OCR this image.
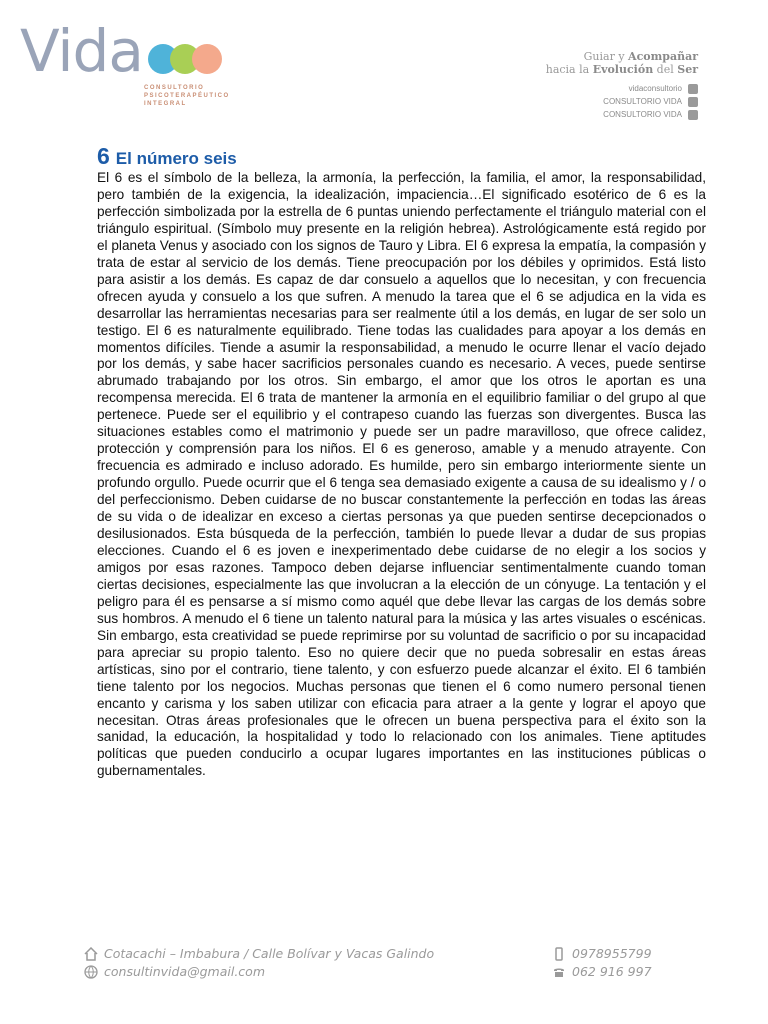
Vida
CONSULTORIO
PSICOTERAPÉUTICO
INTEGRAL
Guiar y Acompañar
hacia la Evolución del Ser
vidaconsultorio
CONSULTORIO VIDA
CONSULTORIO VIDA
6 El número seis
El 6 es el símbolo de la belleza, la armonía, la perfección, la familia, el amor, la responsabilidad, pero también de la exigencia, la idealización, impaciencia…El significado esotérico de 6 es la perfección simbolizada por la estrella de 6 puntas uniendo perfectamente el triángulo material con el triángulo espiritual. (Símbolo muy presente en la religión hebrea). Astrológicamente está regido por el planeta Venus y asociado con los signos de Tauro y Libra. El 6 expresa la empatía, la compasión y trata de estar al servicio de los demás. Tiene preocupación por los débiles y oprimidos. Está listo para asistir a los demás. Es capaz de dar consuelo a aquellos que lo necesitan, y con frecuencia ofrecen ayuda y consuelo a los que sufren. A menudo la tarea que el 6 se adjudica en la vida es desarrollar las herramientas necesarias para ser realmente útil a los demás, en lugar de ser solo un testigo. El 6 es naturalmente equilibrado. Tiene todas las cualidades para apoyar a los demás en momentos difíciles. Tiende a asumir la responsabilidad, a menudo le ocurre llenar el vacío dejado por los demás, y sabe hacer sacrificios personales cuando es necesario. A veces, puede sentirse abrumado trabajando por los otros. Sin embargo, el amor que los otros le aportan es una recompensa merecida. El 6 trata de mantener la armonía en el equilibrio familiar o del grupo al que pertenece. Puede ser el equilibrio y el contrapeso cuando las fuerzas son divergentes. Busca las situaciones estables como el matrimonio y puede ser un padre maravilloso, que ofrece calidez, protección y comprensión para los niños. El 6 es generoso, amable y a menudo atrayente. Con frecuencia es admirado e incluso adorado. Es humilde, pero sin embargo interiormente siente un profundo orgullo. Puede ocurrir que el 6 tenga sea demasiado exigente a causa de su idealismo y / o del perfeccionismo. Deben cuidarse de no buscar constantemente la perfección en todas las áreas de su vida o de idealizar en exceso a ciertas personas ya que pueden sentirse decepcionados o desilusionados. Esta búsqueda de la perfección, también lo puede llevar a dudar de sus propias elecciones. Cuando el 6 es joven e inexperimentado debe cuidarse de no elegir a los socios y amigos por esas razones. Tampoco deben dejarse influenciar sentimentalmente cuando toman ciertas decisiones, especialmente las que involucran a la elección de un cónyuge. La tentación y el peligro para él es pensarse a sí mismo como aquél que debe llevar las cargas de los demás sobre sus hombros. A menudo el 6 tiene un talento natural para la música y las artes visuales o escénicas. Sin embargo, esta creatividad se puede reprimirse por su voluntad de sacrificio o por su incapacidad para apreciar su propio talento. Eso no quiere decir que no pueda sobresalir en estas áreas artísticas, sino por el contrario, tiene talento, y con esfuerzo puede alcanzar el éxito. El 6 también tiene talento por los negocios. Muchas personas que tienen el 6 como numero personal tienen encanto y carisma y los saben utilizar con eficacia para atraer a la gente y lograr el apoyo que necesitan. Otras áreas profesionales que le ofrecen un buena perspectiva para el éxito son la sanidad, la educación, la hospitalidad y todo lo relacionado con los animales. Tiene aptitudes políticas que pueden conducirlo a ocupar lugares importantes en las instituciones públicas o gubernamentales.
Cotacachi – Imbabura / Calle Bolívar y Vacas Galindo
consultinvida@gmail.com
0978955799
062 916 997
